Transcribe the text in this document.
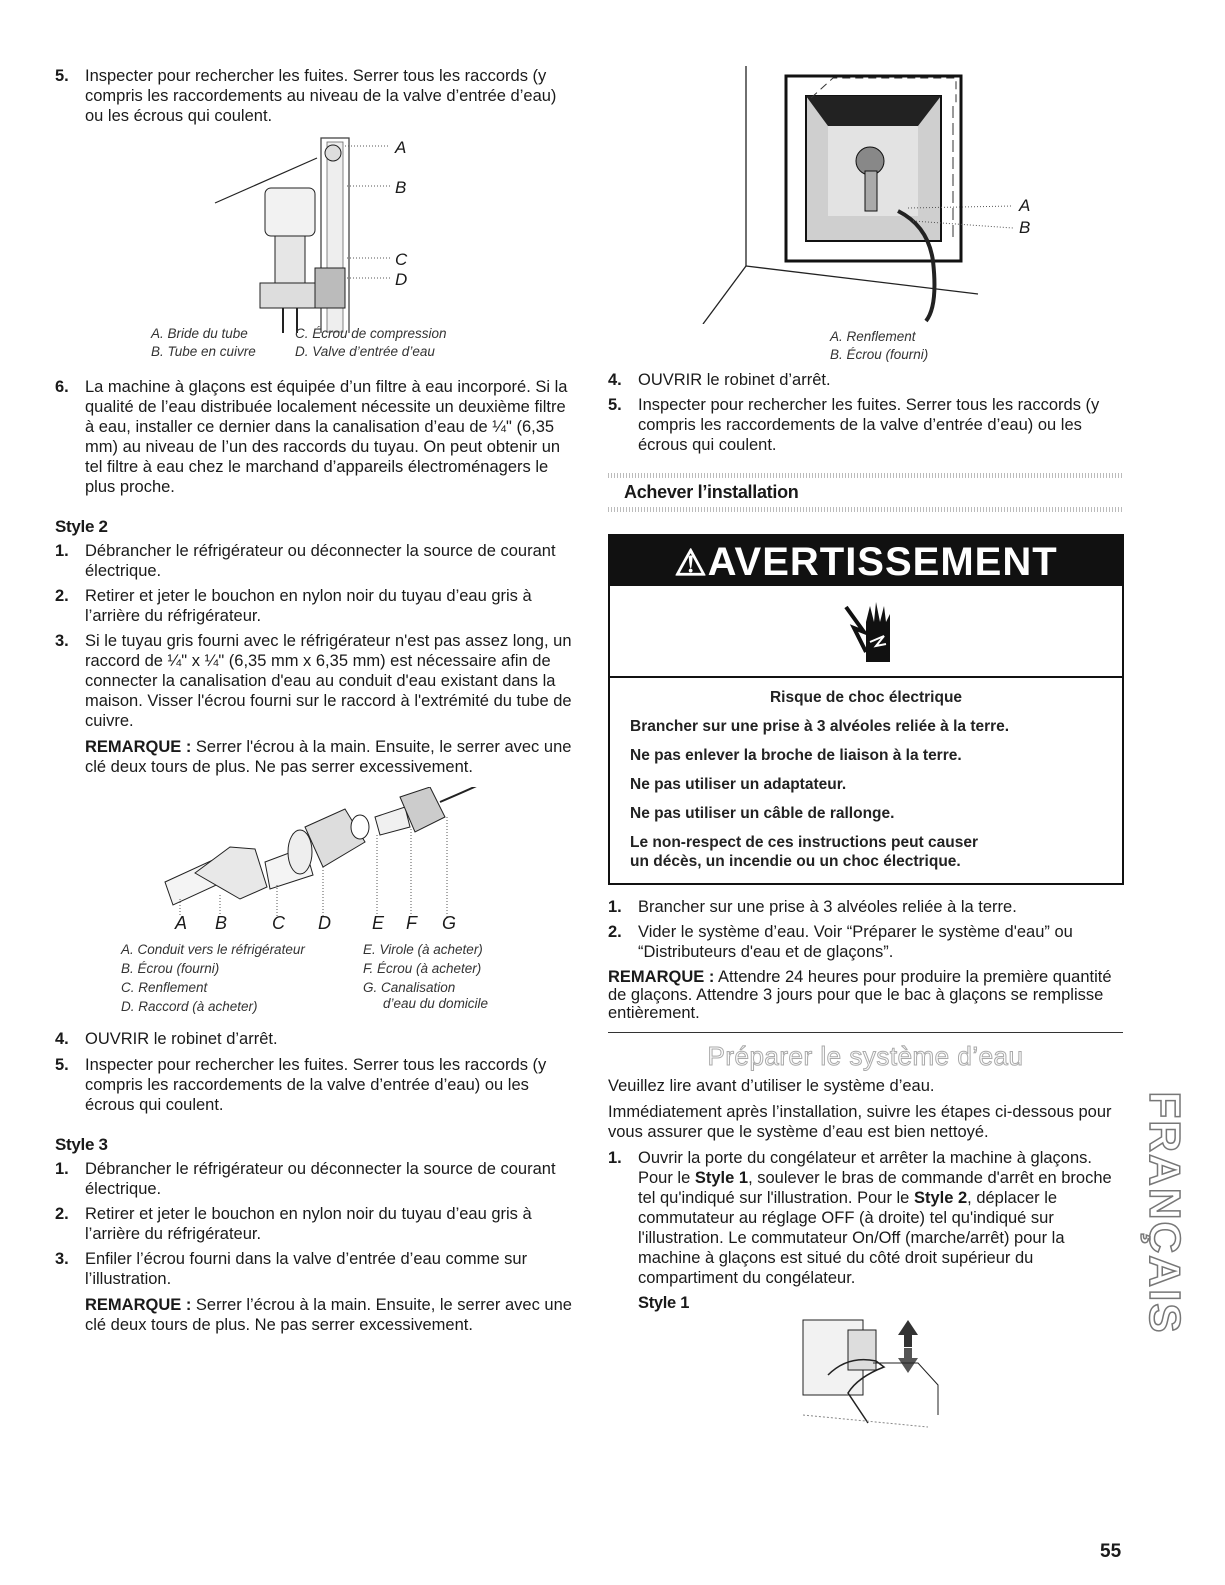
5. Inspecter pour rechercher les fuites. Serrer tous les raccords (y compris les raccordements au niveau de la valve d’entrée d’eau) ou les écrous qui coulent.

A
B
C
D
A. Bride du tube
B. Tube en cuivre
C. Écrou de compression
D. Valve d’entrée d’eau

6. La machine à glaçons est équipée d’un filtre à eau incorporé. Si la qualité de l’eau distribuée localement nécessite un deuxième filtre à eau, installer ce dernier dans la canalisation d’eau de ¼" (6,35 mm) au niveau de l’un des raccords du tuyau. On peut obtenir un tel filtre à eau chez le marchand d’appareils électroménagers le plus proche.

Style 2

1. Débrancher le réfrigérateur ou déconnecter la source de courant électrique.

2. Retirer et jeter le bouchon en nylon noir du tuyau d’eau gris à l’arrière du réfrigérateur.

3. Si le tuyau gris fourni avec le réfrigérateur n'est pas assez long, un raccord de ¼" x ¼" (6,35 mm x 6,35 mm) est nécessaire afin de connecter la canalisation d'eau au conduit d'eau existant dans la maison. Visser l'écrou fourni sur le raccord à l'extrémité du tube de cuivre.

REMARQUE : Serrer l'écrou à la main. Ensuite, le serrer avec une clé deux tours de plus. Ne pas serrer excessivement.

A B C D E F G
A. Conduit vers le réfrigérateur
B. Écrou (fourni)
C. Renflement
D. Raccord (à acheter)
E. Virole (à acheter)
F. Écrou (à acheter)
G. Canalisation
d’eau du domicile

4. OUVRIR le robinet d’arrêt.

5. Inspecter pour rechercher les fuites. Serrer tous les raccords (y compris les raccordements de la valve d’entrée d’eau) ou les écrous qui coulent.

Style 3

1. Débrancher le réfrigérateur ou déconnecter la source de courant électrique.

2. Retirer et jeter le bouchon en nylon noir du tuyau d’eau gris à l’arrière du réfrigérateur.

3. Enfiler l’écrou fourni dans la valve d’entrée d’eau comme sur l’illustration.

REMARQUE : Serrer l’écrou à la main. Ensuite, le serrer avec une clé deux tours de plus. Ne pas serrer excessivement.

A
B
A. Renflement
B. Écrou (fourni)

4. OUVRIR le robinet d’arrêt.

5. Inspecter pour rechercher les fuites. Serrer tous les raccords (y compris les raccordements de la valve d’entrée d’eau) ou les écrous qui coulent.

Achever l’installation
⚠AVERTISSEMENT
Risque de choc électrique
Brancher sur une prise à 3 alvéoles reliée à la terre.
Ne pas enlever la broche de liaison à la terre.
Ne pas utiliser un adaptateur.
Ne pas utiliser un câble de rallonge.
Le non-respect de ces instructions peut causer
un décès, un incendie ou un choc électrique.

1. Brancher sur une prise à 3 alvéoles reliée à la terre.

2. Vider le système d’eau. Voir “Préparer le système d'eau” ou “Distributeurs d'eau et de glaçons”.

REMARQUE : Attendre 24 heures pour produire la première quantité de glaçons. Attendre 3 jours pour que le bac à glaçons se remplisse entièrement.

Préparer le système d’eau

Veuillez lire avant d’utiliser le système d’eau.

Immédiatement après l’installation, suivre les étapes ci-dessous pour vous assurer que le système d’eau est bien nettoyé.

1. Ouvrir la porte du congélateur et arrêter la machine à glaçons. Pour le Style 1, soulever le bras de commande d'arrêt en broche tel qu'indiqué sur l'illustration. Pour le Style 2, déplacer le commutateur au réglage OFF (à droite) tel qu'indiqué sur l'illustration. Le commutateur On/Off (marche/arrêt) pour la machine à glaçons est situé du côté droit supérieur du compartiment du congélateur.

Style 1	FRANÇAIS
55
